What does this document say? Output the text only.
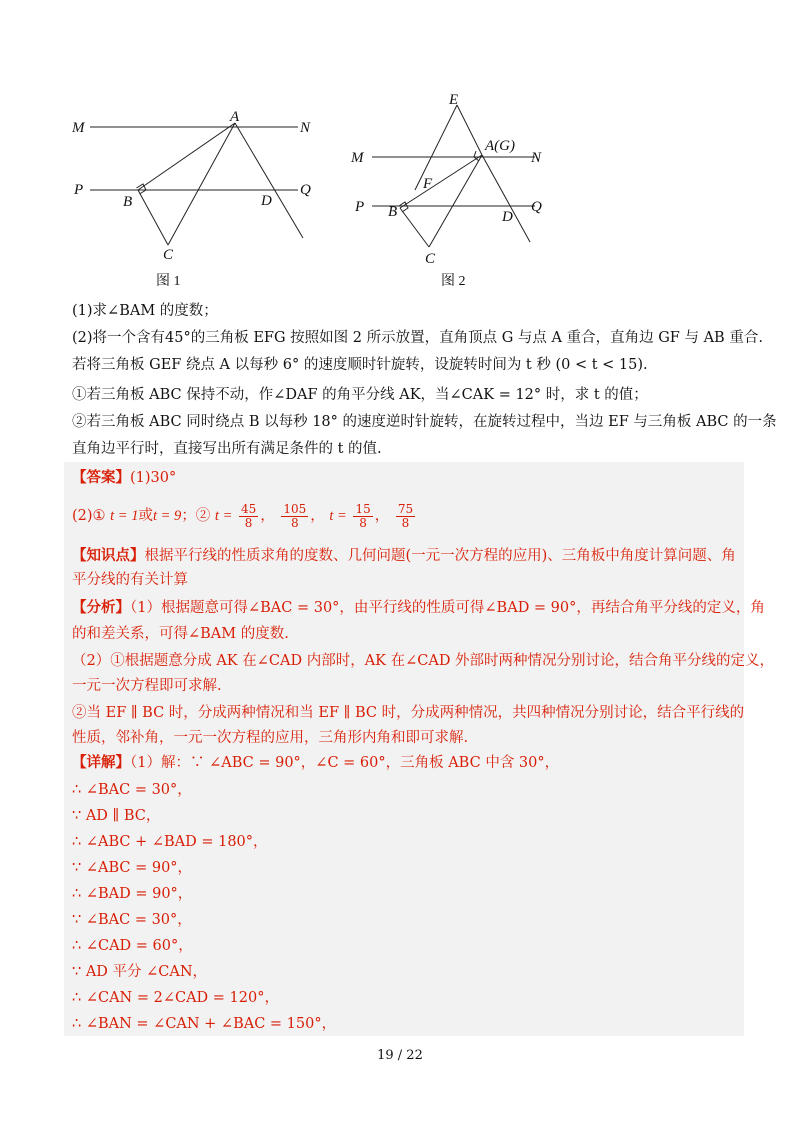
M	N
A
P	Q
B	D
C
图 1
E
M	N
A(G)
F
P	Q
B	D
C
图 2
(1)求∠BAM 的度数；
(2)将一个含有45°的三角板 EFG 按照如图 2 所示放置，直角顶点 G 与点 A 重合，直角边 GF 与 AB 重合.
若将三角板 GEF 绕点 A 以每秒 6° 的速度顺时针旋转，设旋转时间为 t 秒 (0 < t < 15).
①若三角板 ABC 保持不动，作∠DAF 的角平分线 AK，当∠CAK = 12° 时，求 t 的值；
②若三角板 ABC 同时绕点 B 以每秒 18° 的速度逆时针旋转，在旋转过程中，当边 EF 与三角板 ABC 的一条
直角边平行时，直接写出所有满足条件的 t 的值.
【答案】(1)30°
(2)① t = 1或t = 9；② $t = \frac{45}{8}$ ， $\frac{105}{8}$ ， $t = \frac{15}{8}$ ， $\frac{75}{8}$
【知识点】根据平行线的性质求角的度数、几何问题(一元一次方程的应用)、三角板中角度计算问题、角
平分线的有关计算
【分析】（1）根据题意可得∠BAC = 30°，由平行线的性质可得∠BAD = 90°，再结合角平分线的定义，角
的和差关系，可得∠BAM 的度数.
（2）①根据题意分成 AK 在∠CAD 内部时，AK 在∠CAD 外部时两种情况分别讨论，结合角平分线的定义，
一元一次方程即可求解.
②当 EF ∥ BC 时，分成两种情况和当 EF ∥ BC 时，分成两种情况，共四种情况分别讨论，结合平行线的
性质，邻补角，一元一次方程的应用，三角形内角和即可求解.
【详解】（1）解：∵ ∠ABC = 90°，∠C = 60°，三角板 ABC 中含 30°，
∴ ∠BAC = 30°，
∵ AD ∥ BC，
∴ ∠ABC + ∠BAD = 180°，
∵ ∠ABC = 90°，
∴ ∠BAD = 90°，
∵ ∠BAC = 30°，
∴ ∠CAD = 60°，
∵ AD 平分 ∠CAN，
∴ ∠CAN = 2∠CAD = 120°，
∴ ∠BAN = ∠CAN + ∠BAC = 150°，
19 / 22
